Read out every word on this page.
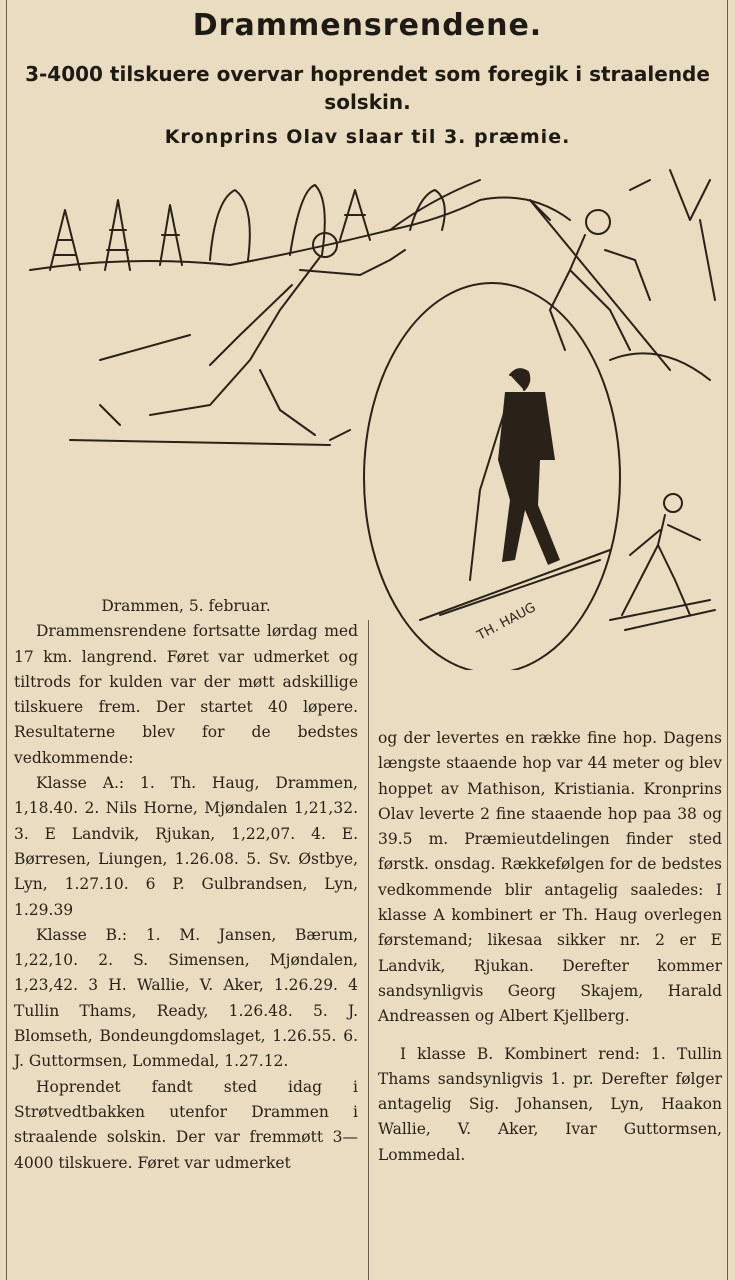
Drammensrendene.
3-4000 tilskuere overvar hoprendet som foregik i straalende solskin.
Kronprins Olav slaar til 3. præmie.
TH. HAUG

Drammen, 5. februar.

Drammensrendene fortsatte lørdag med 17 km. langrend. Føret var udmerket og tiltrods for kulden var der møtt adskillige tilskuere frem. Der startet 40 løpere. Resultaterne blev for de bedstes vedkommende:

Klasse A.: 1. Th. Haug, Drammen, 1,18.40. 2. Nils Horne, Mjøndalen 1,21,32. 3. E Landvik, Rjukan, 1,22,07. 4. E. Børresen, Liungen, 1.26.08. 5. Sv. Østbye, Lyn, 1.27.10. 6 P. Gulbrandsen, Lyn, 1.29.39

Klasse B.: 1. M. Jansen, Bærum, 1,22,10. 2. S. Simensen, Mjøndalen, 1,23,42. 3 H. Wallie, V. Aker, 1.26.29. 4 Tullin Thams, Ready, 1.26.48. 5. J. Blomseth, Bondeungdomslaget, 1.26.55. 6. J. Guttormsen, Lommedal, 1.27.12.

Hoprendet fandt sted idag i Strøtvedtbakken utenfor Drammen i straalende solskin. Der var fremmøtt 3—4000 tilskuere. Føret var udmerket

og der levertes en række fine hop. Dagens længste staaende hop var 44 meter og blev hoppet av Mathison, Kristiania. Kronprins Olav leverte 2 fine staaende hop paa 38 og 39.5 m. Præmieutdelingen finder sted førstk. onsdag. Rækkefølgen for de bedstes vedkommende blir antagelig saaledes: I klasse A kombinert er Th. Haug overlegen førstemand; likesaa sikker nr. 2 er E Landvik, Rjukan. Derefter kommer sandsynligvis Georg Skajem, Harald Andreassen og Albert Kjellberg.

I klasse B. Kombinert rend: 1. Tullin Thams sandsynligvis 1. pr. Derefter følger antagelig Sig. Johansen, Lyn, Haakon Wallie, V. Aker, Ivar Guttormsen, Lommedal.
